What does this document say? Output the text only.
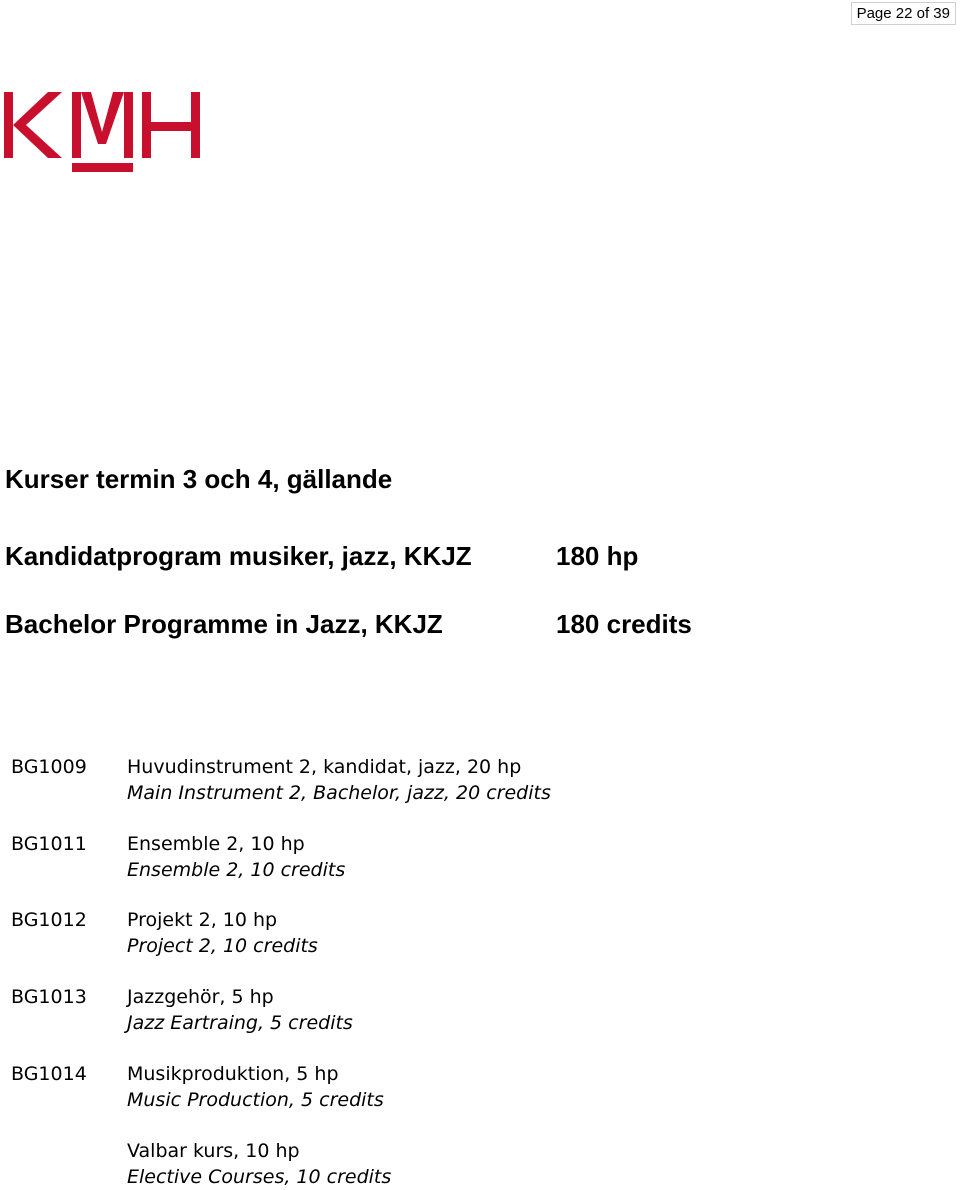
Page 22 of 39
Kurser termin 3 och 4, gällande
Kandidatprogram musiker, jazz, KKJZ	180 hp
Bachelor Programme in Jazz, KKJZ	180 credits
BG1009 Huvudinstrument 2, kandidat, jazz, 20 hp
Main Instrument 2, Bachelor, jazz, 20 credits
BG1011 Ensemble 2, 10 hp
Ensemble 2, 10 credits
BG1012 Projekt 2, 10 hp
Project 2, 10 credits
BG1013 Jazzgehör, 5 hp
Jazz Eartraing, 5 credits
BG1014 Musikproduktion, 5 hp
Music Production, 5 credits
Valbar kurs, 10 hp
Elective Courses, 10 credits
